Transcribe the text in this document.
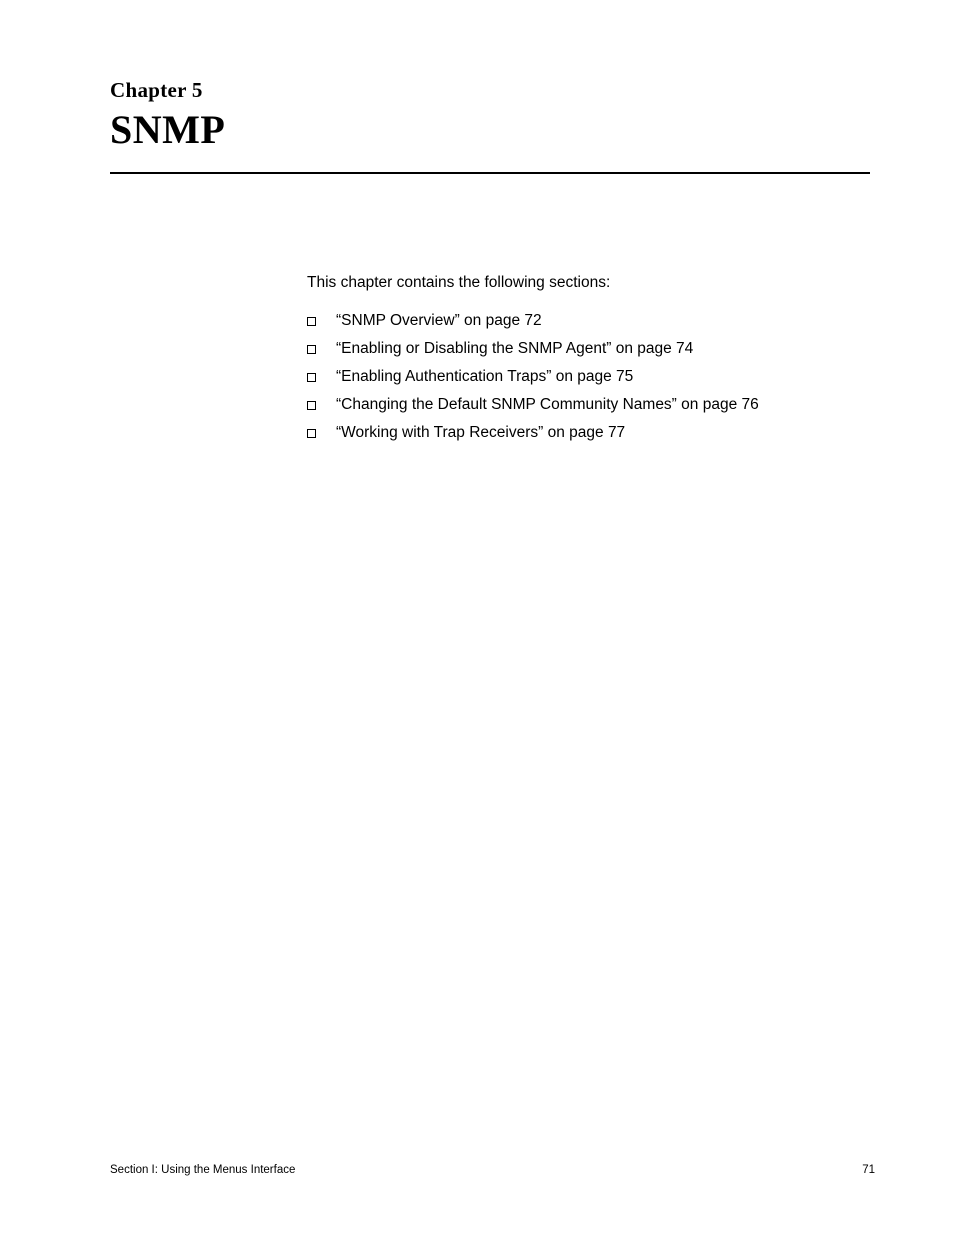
Chapter 5
SNMP
This chapter contains the following sections:
“SNMP Overview” on page 72
“Enabling or Disabling the SNMP Agent” on page 74
“Enabling Authentication Traps” on page 75
“Changing the Default SNMP Community Names” on page 76
“Working with Trap Receivers” on page 77
Section I: Using the Menus Interface	71
